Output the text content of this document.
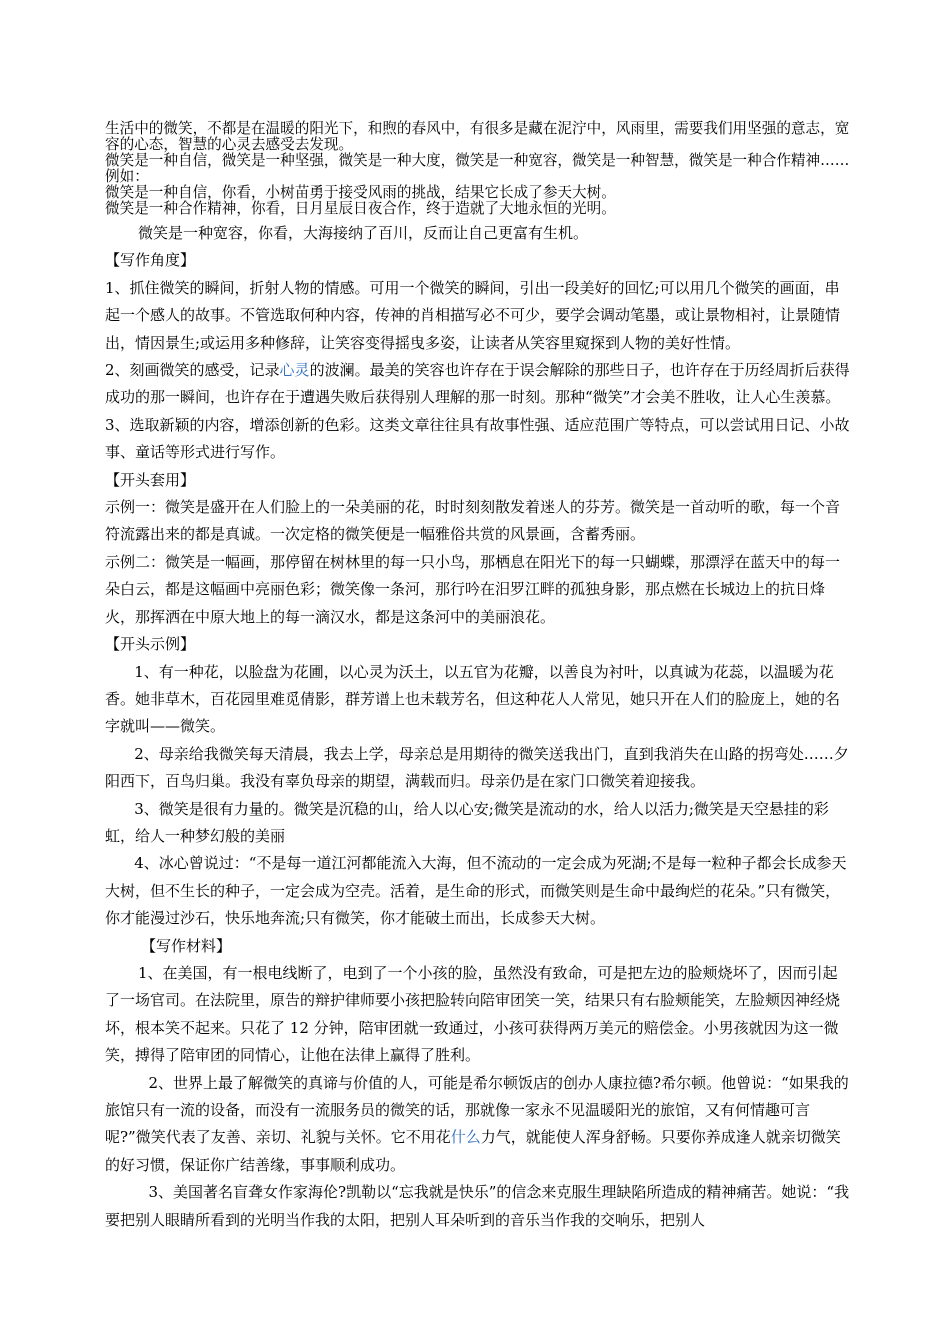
生活中的微笑，不都是在温暖的阳光下，和煦的春风中，有很多是藏在泥泞中，风雨里，需要我们用坚强的意志，宽容的心态，智慧的心灵去感受去发现。

微笑是一种自信，微笑是一种坚强，微笑是一种大度，微笑是一种宽容，微笑是一种智慧，微笑是一种合作精神……

例如：

微笑是一种自信，你看，小树苗勇于接受风雨的挑战，结果它长成了参天大树。

微笑是一种合作精神，你看，日月星辰日夜合作，终于造就了大地永恒的光明。

微笑是一种宽容，你看，大海接纳了百川，反而让自己更富有生机。

【写作角度】

1、抓住微笑的瞬间，折射人物的情感。可用一个微笑的瞬间，引出一段美好的回忆;可以用几个微笑的画面，串起一个感人的故事。不管选取何种内容，传神的肖相描写必不可少，要学会调动笔墨，或让景物相衬，让景随情出，情因景生;或运用多种修辞，让笑容变得摇曳多姿，让读者从笑容里窥探到人物的美好性情。

2、刻画微笑的感受，记录心灵的波澜。最美的笑容也许存在于误会解除的那些日子，也许存在于历经周折后获得成功的那一瞬间，也许存在于遭遇失败后获得别人理解的那一时刻。那种“微笑”才会美不胜收，让人心生羡慕。

3、选取新颖的内容，增添创新的色彩。这类文章往往具有故事性强、适应范围广等特点，可以尝试用日记、小故事、童话等形式进行写作。

【开头套用】

示例一：微笑是盛开在人们脸上的一朵美丽的花，时时刻刻散发着迷人的芬芳。微笑是一首动听的歌，每一个音符流露出来的都是真诚。一次定格的微笑便是一幅雅俗共赏的风景画，含蓄秀丽。

示例二：微笑是一幅画，那停留在树林里的每一只小鸟，那栖息在阳光下的每一只蝴蝶，那漂浮在蓝天中的每一朵白云，都是这幅画中亮丽色彩；微笑像一条河，那行吟在汨罗江畔的孤独身影，那点燃在长城边上的抗日烽火，那挥洒在中原大地上的每一滴汉水，都是这条河中的美丽浪花。

【开头示例】

1、有一种花，以脸盘为花圃，以心灵为沃土，以五官为花瓣，以善良为衬叶，以真诚为花蕊，以温暖为花香。她非草木，百花园里难觅倩影，群芳谱上也未载芳名，但这种花人人常见，她只开在人们的脸庞上，她的名字就叫——微笑。

2、母亲给我微笑每天清晨，我去上学，母亲总是用期待的微笑送我出门，直到我消失在山路的拐弯处……夕阳西下，百鸟归巢。我没有辜负母亲的期望，满载而归。母亲仍是在家门口微笑着迎接我。

3、微笑是很有力量的。微笑是沉稳的山，给人以心安;微笑是流动的水，给人以活力;微笑是天空悬挂的彩虹，给人一种梦幻般的美丽

4、冰心曾说过：“不是每一道江河都能流入大海，但不流动的一定会成为死湖;不是每一粒种子都会长成参天大树，但不生长的种子，一定会成为空壳。活着，是生命的形式，而微笑则是生命中最绚烂的花朵。”只有微笑，你才能漫过沙石，快乐地奔流;只有微笑，你才能破土而出，长成参天大树。

【写作材料】

1、在美国，有一根电线断了，电到了一个小孩的脸，虽然没有致命，可是把左边的脸颊烧坏了，因而引起了一场官司。在法院里，原告的辩护律师要小孩把脸转向陪审团笑一笑，结果只有右脸颊能笑，左脸颊因神经烧坏，根本笑不起来。只花了 12 分钟，陪审团就一致通过，小孩可获得两万美元的赔偿金。小男孩就因为这一微笑，搏得了陪审团的同情心，让他在法律上赢得了胜利。

2、世界上最了解微笑的真谛与价值的人，可能是希尔顿饭店的创办人康拉德?希尔顿。他曾说：“如果我的旅馆只有一流的设备，而没有一流服务员的微笑的话，那就像一家永不见温暖阳光的旅馆，又有何情趣可言呢?”微笑代表了友善、亲切、礼貌与关怀。它不用花什么力气，就能使人浑身舒畅。只要你养成逢人就亲切微笑的好习惯，保证你广结善缘，事事顺利成功。

3、美国著名盲聋女作家海伦?凯勒以“忘我就是快乐”的信念来克服生理缺陷所造成的精神痛苦。她说：“我要把别人眼睛所看到的光明当作我的太阳，把别人耳朵听到的音乐当作我的交响乐，把别人
